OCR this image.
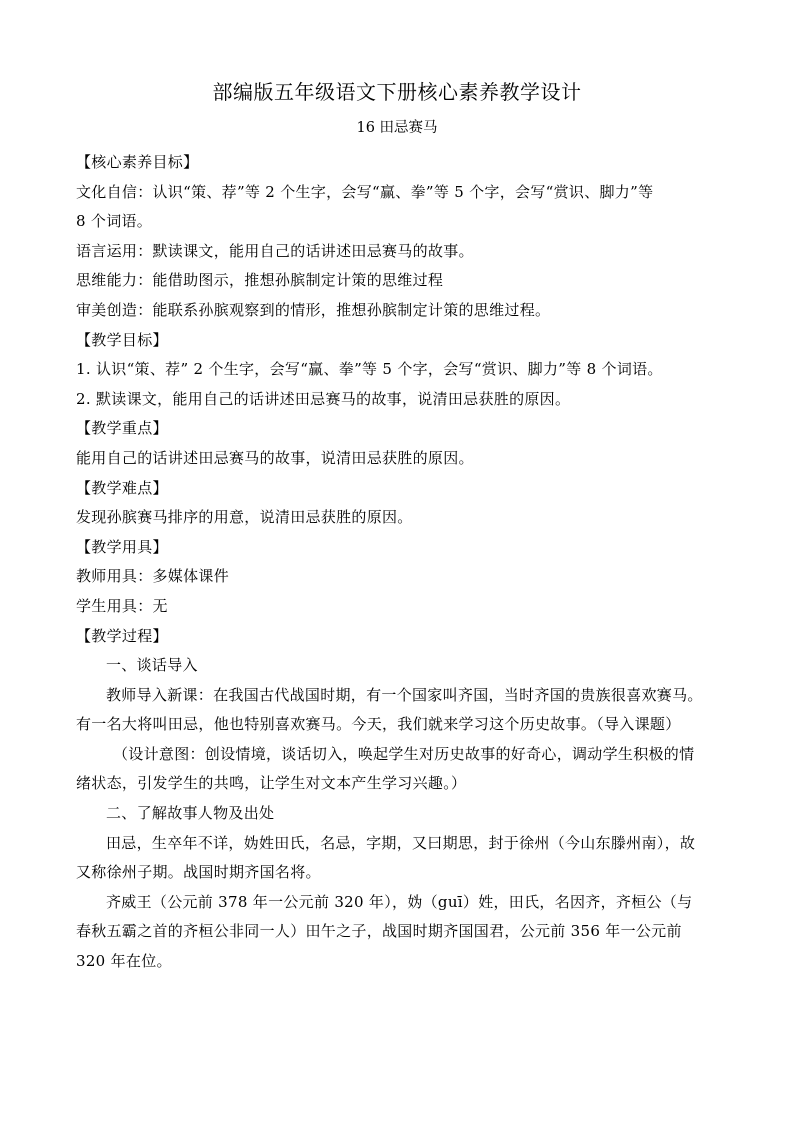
部编版五年级语文下册核心素养教学设计
16 田忌赛马

【核心素养目标】

文化自信：认识“策、荐”等 2 个生字，会写“赢、拳”等 5 个字，会写“赏识、脚力”等

8 个词语。

语言运用：默读课文，能用自己的话讲述田忌赛马的故事。

思维能力：能借助图示，推想孙膑制定计策的思维过程

审美创造：能联系孙膑观察到的情形，推想孙膑制定计策的思维过程。

【教学目标】

1. 认识“策、荐” 2 个生字，会写“赢、拳”等 5 个字，会写“赏识、脚力”等 8 个词语。

2. 默读课文，能用自己的话讲述田忌赛马的故事，说清田忌获胜的原因。

【教学重点】

能用自己的话讲述田忌赛马的故事，说清田忌获胜的原因。

【教学难点】

发现孙膑赛马排序的用意，说清田忌获胜的原因。

【教学用具】

教师用具：多媒体课件

学生用具：无

【教学过程】

一、谈话导入

教师导入新课：在我国古代战国时期，有一个国家叫齐国，当时齐国的贵族很喜欢赛马。

有一名大将叫田忌，他也特别喜欢赛马。今天，我们就来学习这个历史故事。（导入课题）

（设计意图：创设情境，谈话切入，唤起学生对历史故事的好奇心，调动学生积极的情

绪状态，引发学生的共鸣，让学生对文本产生学习兴趣。）

二、了解故事人物及出处

田忌，生卒年不详，妫姓田氏，名忌，字期，又曰期思，封于徐州（今山东滕州南），故

又称徐州子期。战国时期齐国名将。

齐威王（公元前 378 年一公元前 320 年），妫（guī）姓，田氏，名因齐，齐桓公（与

春秋五霸之首的齐桓公非同一人）田午之子，战国时期齐国国君，公元前 356 年一公元前

320 年在位。
